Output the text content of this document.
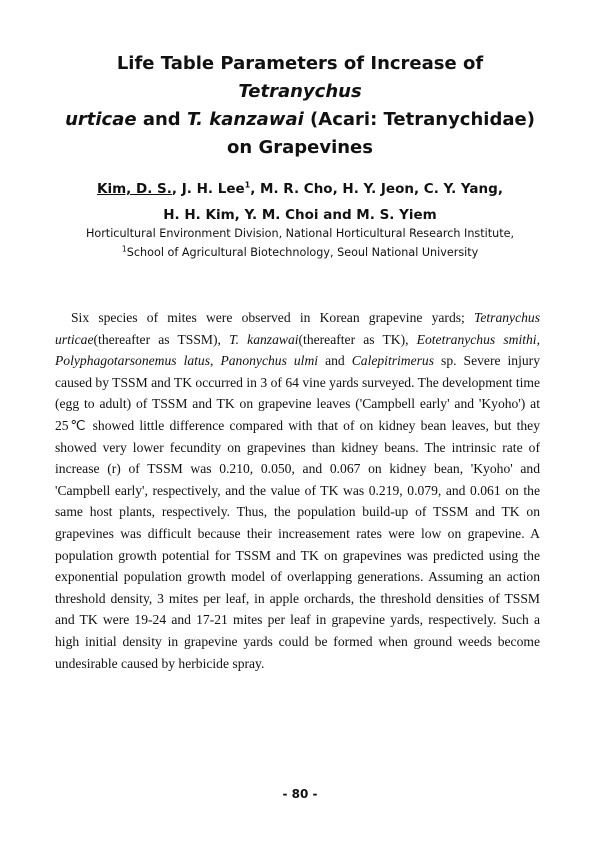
Life Table Parameters of Increase of Tetranychus
urticae and T. kanzawai (Acari: Tetranychidae)
on Grapevines

Kim, D. S., J. H. Lee$^1$, M. R. Cho, H. Y. Jeon, C. Y. Yang,
H. H. Kim, Y. M. Choi and M. S. Yiem

Horticultural Environment Division, National Horticultural Research Institute,
$^1$School of Agricultural Biotechnology, Seoul National University

Six species of mites were observed in Korean grapevine yards; Tetranychus urticae(thereafter as TSSM), T. kanzawai(thereafter as TK), Eotetranychus smithi, Polyphagotarsonemus latus, Panonychus ulmi and Calepitrimerus sp. Severe injury caused by TSSM and TK occurred in 3 of 64 vine yards surveyed. The development time (egg to adult) of TSSM and TK on grapevine leaves ('Campbell early' and 'Kyoho') at 25℃ showed little difference compared with that of on kidney bean leaves, but they showed very lower fecundity on grapevines than kidney beans. The intrinsic rate of increase (r) of TSSM was 0.210, 0.050, and 0.067 on kidney bean, 'Kyoho' and 'Campbell early', respectively, and the value of TK was 0.219, 0.079, and 0.061 on the same host plants, respectively. Thus, the population build-up of TSSM and TK on grapevines was difficult because their increasement rates were low on grapevine. A population growth potential for TSSM and TK on grapevines was predicted using the exponential population growth model of overlapping generations. Assuming an action threshold density, 3 mites per leaf, in apple orchards, the threshold densities of TSSM and TK were 19-24 and 17-21 mites per leaf in grapevine yards, respectively. Such a high initial density in grapevine yards could be formed when ground weeds become undesirable caused by herbicide spray.

- 80 -
